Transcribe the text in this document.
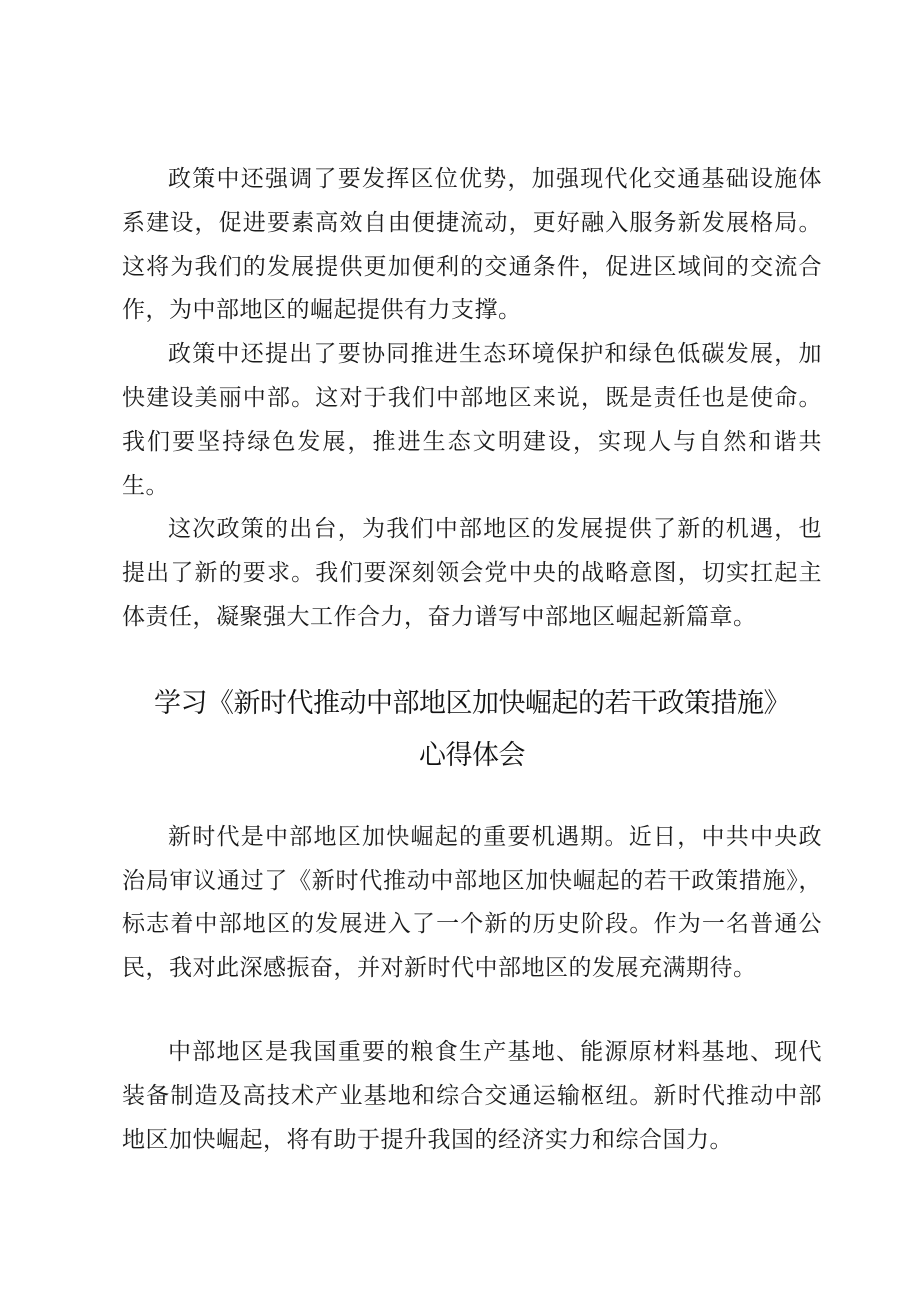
政策中还强调了要发挥区位优势，加强现代化交通基础设施体系建设，促进要素高效自由便捷流动，更好融入服务新发展格局。这将为我们的发展提供更加便利的交通条件，促进区域间的交流合作，为中部地区的崛起提供有力支撑。

政策中还提出了要协同推进生态环境保护和绿色低碳发展，加快建设美丽中部。这对于我们中部地区来说，既是责任也是使命。我们要坚持绿色发展，推进生态文明建设，实现人与自然和谐共生。

这次政策的出台，为我们中部地区的发展提供了新的机遇，也提出了新的要求。我们要深刻领会党中央的战略意图，切实扛起主体责任，凝聚强大工作合力，奋力谱写中部地区崛起新篇章。

学习《新时代推动中部地区加快崛起的若干政策措施》
心得体会

新时代是中部地区加快崛起的重要机遇期。近日，中共中央政治局审议通过了《新时代推动中部地区加快崛起的若干政策措施》，标志着中部地区的发展进入了一个新的历史阶段。作为一名普通公民，我对此深感振奋，并对新时代中部地区的发展充满期待。

中部地区是我国重要的粮食生产基地、能源原材料基地、现代装备制造及高技术产业基地和综合交通运输枢纽。新时代推动中部地区加快崛起，将有助于提升我国的经济实力和综合国力。
